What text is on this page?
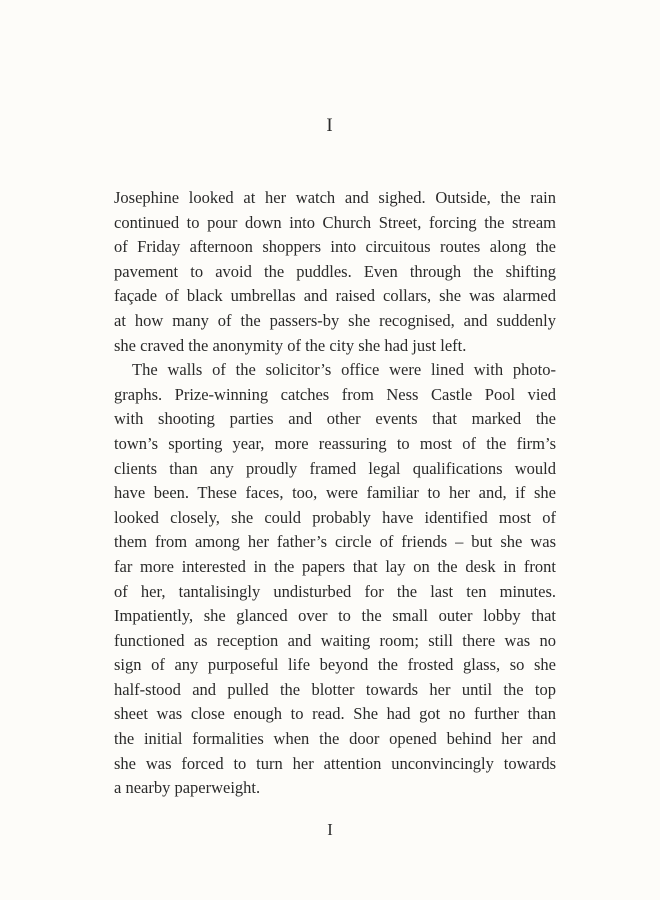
I
Josephine looked at her watch and sighed. Outside, the rain
continued to pour down into Church Street, forcing the stream
of Friday afternoon shoppers into circuitous routes along the
pavement to avoid the puddles. Even through the shifting
façade of black umbrellas and raised collars, she was alarmed
at how many of the passers-by she recognised, and suddenly
she craved the anonymity of the city she had just left.
The walls of the solicitor’s office were lined with photo-
graphs. Prize-winning catches from Ness Castle Pool vied
with shooting parties and other events that marked the
town’s sporting year, more reassuring to most of the firm’s
clients than any proudly framed legal qualifications would
have been. These faces, too, were familiar to her and, if she
looked closely, she could probably have identified most of
them from among her father’s circle of friends – but she was
far more interested in the papers that lay on the desk in front
of her, tantalisingly undisturbed for the last ten minutes.
Impatiently, she glanced over to the small outer lobby that
functioned as reception and waiting room; still there was no
sign of any purposeful life beyond the frosted glass, so she
half-stood and pulled the blotter towards her until the top
sheet was close enough to read. She had got no further than
the initial formalities when the door opened behind her and
she was forced to turn her attention unconvincingly towards
a nearby paperweight.
I
